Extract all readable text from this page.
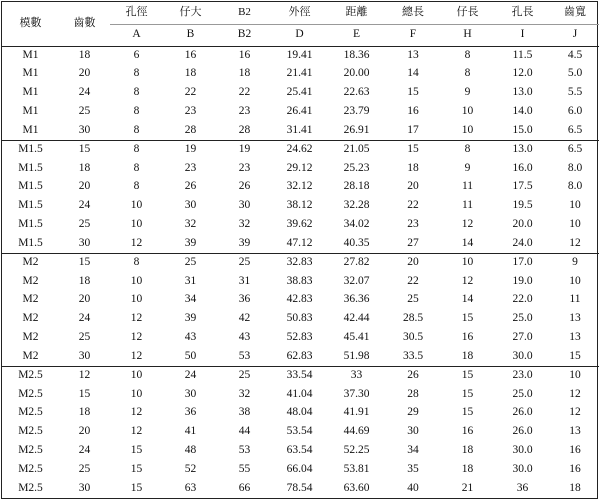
模數	齒數	孔徑	仔大	B2	外徑	距離	總長	仔長	孔長	齒寬
		A	B	B2	D	E	F	H	I	J
M1	18	6	16	16	19.41	18.36	13	8	11.5	4.5
M1	20	8	18	18	21.41	20.00	14	8	12.0	5.0
M1	24	8	22	22	25.41	22.63	15	9	13.0	5.5
M1	25	8	23	23	26.41	23.79	16	10	14.0	6.0
M1	30	8	28	28	31.41	26.91	17	10	15.0	6.5
M1.5	15	8	19	19	24.62	21.05	15	8	13.0	6.5
M1.5	18	8	23	23	29.12	25.23	18	9	16.0	8.0
M1.5	20	8	26	26	32.12	28.18	20	11	17.5	8.0
M1.5	24	10	30	30	38.12	32.28	22	11	19.5	10
M1.5	25	10	32	32	39.62	34.02	23	12	20.0	10
M1.5	30	12	39	39	47.12	40.35	27	14	24.0	12
M2	15	8	25	25	32.83	27.82	20	10	17.0	9
M2	18	10	31	31	38.83	32.07	22	12	19.0	10
M2	20	10	34	36	42.83	36.36	25	14	22.0	11
M2	24	12	39	42	50.83	42.44	28.5	15	25.0	13
M2	25	12	43	43	52.83	45.41	30.5	16	27.0	13
M2	30	12	50	53	62.83	51.98	33.5	18	30.0	15
M2.5	12	10	24	25	33.54	33	26	15	23.0	10
M2.5	15	10	30	32	41.04	37.30	28	15	25.0	12
M2.5	18	12	36	38	48.04	41.91	29	15	26.0	12
M2.5	20	12	41	44	53.54	44.69	30	16	26.0	13
M2.5	24	15	48	53	63.54	52.25	34	18	30.0	16
M2.5	25	15	52	55	66.04	53.81	35	18	30.0	16
M2.5	30	15	63	66	78.54	63.60	40	21	36	18
